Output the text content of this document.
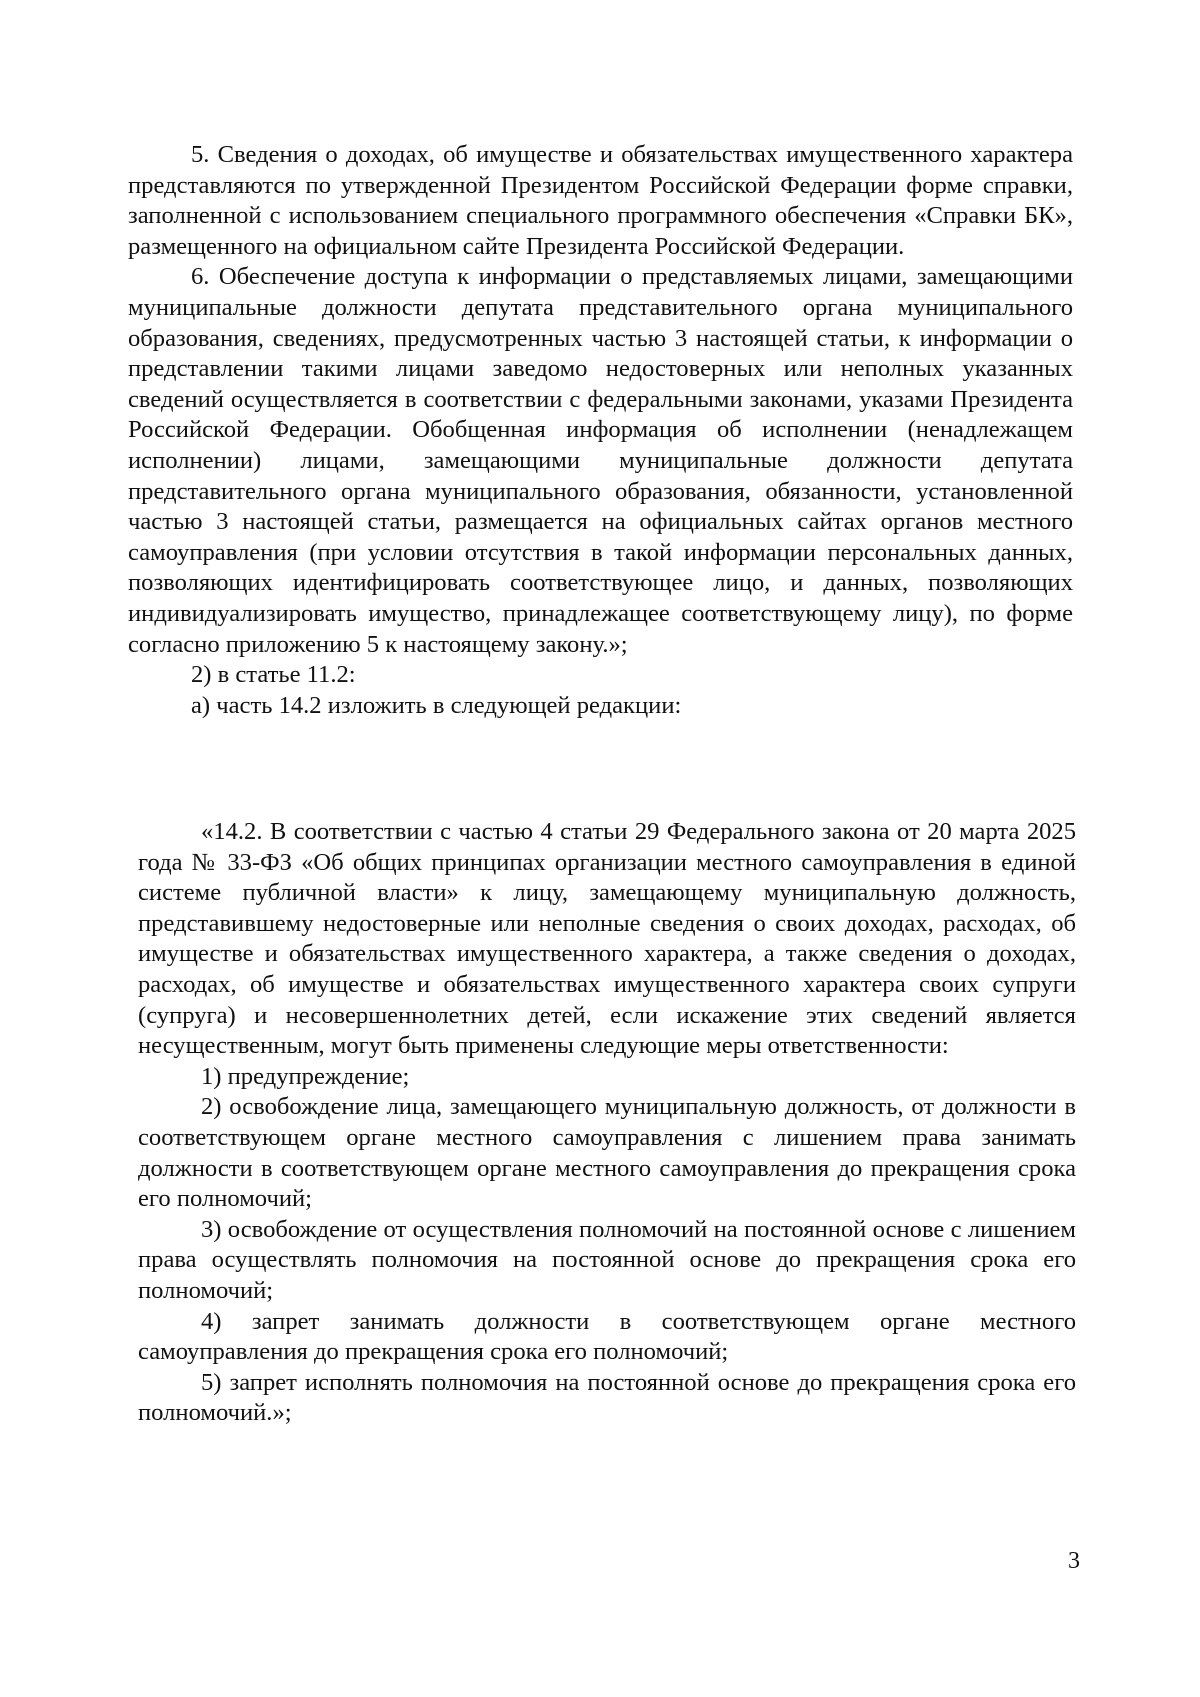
5. Сведения о доходах, об имуществе и обязательствах имущественного характера представляются по утвержденной Президентом Российской Федерации форме справки, заполненной с использованием специального программного обеспечения «Справки БК», размещенного на официальном сайте Президента Российской Федерации.

6. Обеспечение доступа к информации о представляемых лицами, замещающими муниципальные должности депутата представительного органа муниципального образования, сведениях, предусмотренных частью 3 настоящей статьи, к информации о представлении такими лицами заведомо недостоверных или неполных указанных сведений осуществляется в соответствии с федеральными законами, указами Президента Российской Федерации. Обобщенная информация об исполнении (ненадлежащем исполнении) лицами, замещающими муниципальные должности депутата представительного органа муниципального образования, обязанности, установленной частью 3 настоящей статьи, размещается на официальных сайтах органов местного самоуправления (при условии отсутствия в такой информации персональных данных, позволяющих идентифицировать соответствующее лицо, и данных, позволяющих индивидуализировать имущество, принадлежащее соответствующему лицу), по форме согласно приложению 5 к настоящему закону.»;

2) в статье 11.2:

а) часть 14.2 изложить в следующей редакции:

«14.2. В соответствии с частью 4 статьи 29 Федерального закона от 20 марта 2025 года № 33-ФЗ «Об общих принципах организации местного самоуправления в единой системе публичной власти» к лицу, замещающему муниципальную должность, представившему недостоверные или неполные сведения о своих доходах, расходах, об имуществе и обязательствах имущественного характера, а также сведения о доходах, расходах, об имуществе и обязательствах имущественного характера своих супруги (супруга) и несовершеннолетних детей, если искажение этих сведений является несущественным, могут быть применены следующие меры ответственности:

1) предупреждение;

2) освобождение лица, замещающего муниципальную должность, от должности в соответствующем органе местного самоуправления с лишением права занимать должности в соответствующем органе местного самоуправления до прекращения срока его полномочий;

3) освобождение от осуществления полномочий на постоянной основе с лишением права осуществлять полномочия на постоянной основе до прекращения срока его полномочий;

4) запрет занимать должности в соответствующем органе местного самоуправления до прекращения срока его полномочий;

5) запрет исполнять полномочия на постоянной основе до прекращения срока его полномочий.»;

3
